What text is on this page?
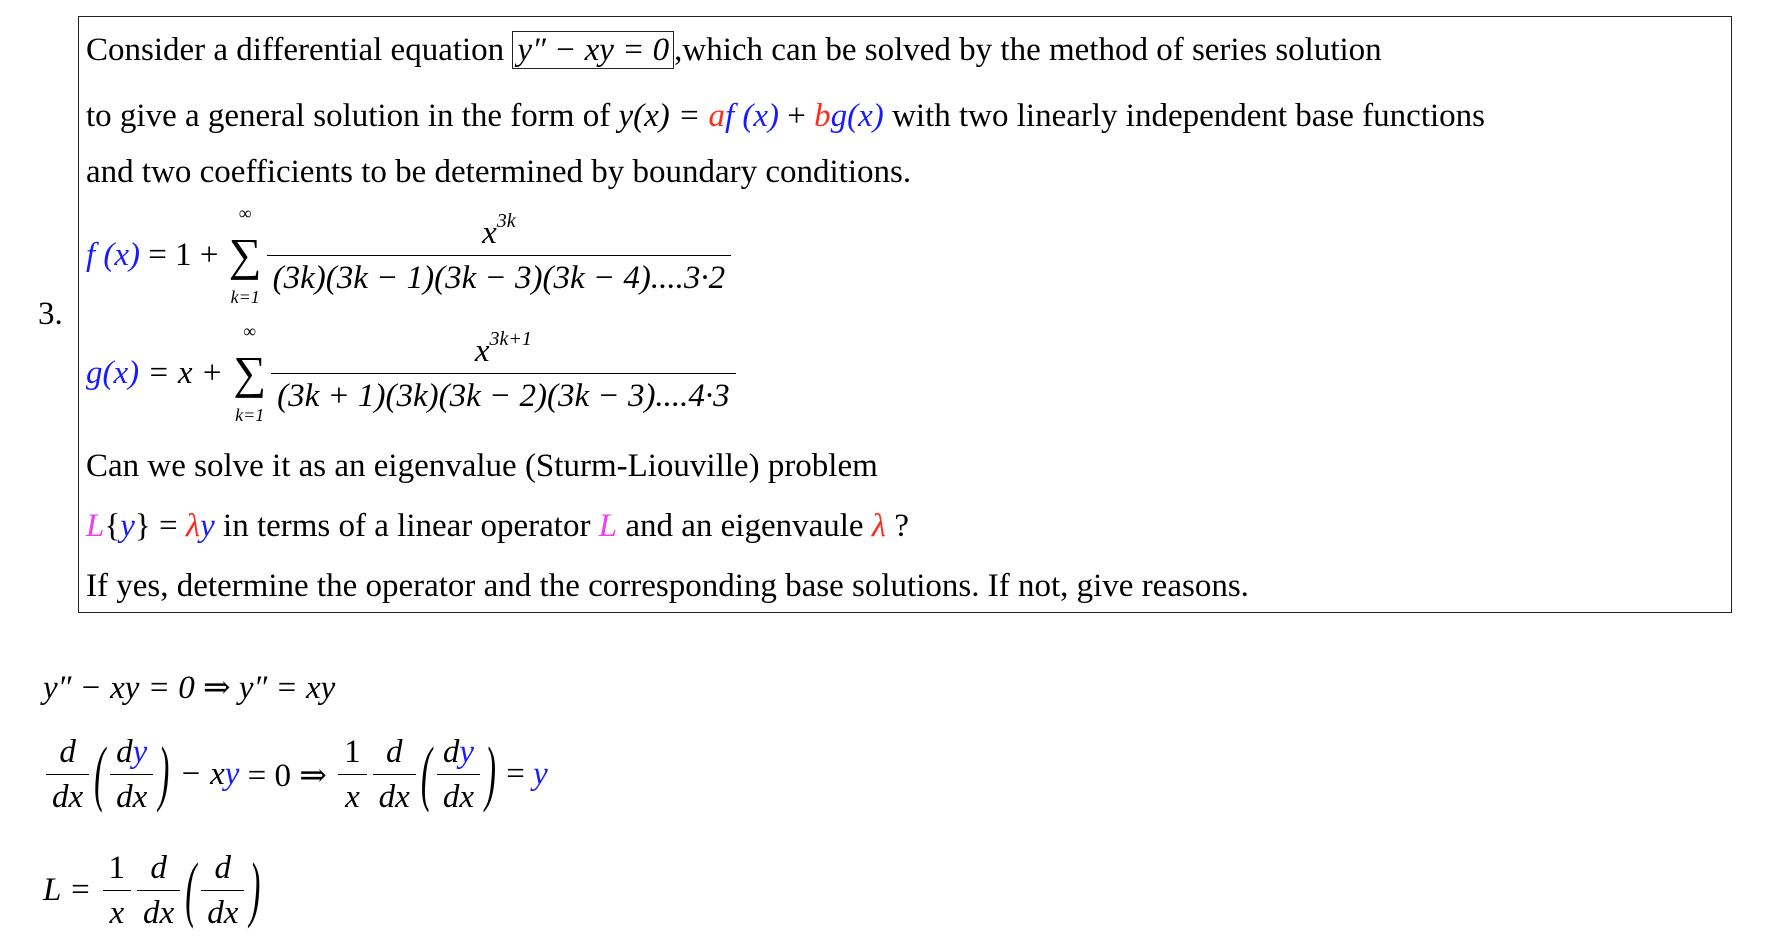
3.
Consider a differential equation y″ − xy = 0 ,which can be solved by the method of series solution
to give a general solution in the form of y(x) = af (x) + bg(x) with two linearly independent base functions
and two coefficients to be determined by boundary conditions.
f (x) = 1 +
∞
∑
$k=1 \frac{x^{3k}}{(3k)(3k - 1)(3k - 3)(3k - 4)....3\cdot 2}$
g(x) = x +
∞
∑
$k=1 \frac{x^{3k+1}}{(3k + 1)(3k)(3k - 2)(3k - 3)....4\cdot 3}$
Can we solve it as an eigenvalue (Sturm-Liouville) problem
L{y} = λy in terms of a linear operator L and an eigenvaule λ ?
If yes, determine the operator and the corresponding base solutions. If not, give reasons.
y″ − xy = 0 ⇒ y″ = xy
$\frac{d}{dx}$ ( $\frac{dy}{dx}$ ) − x y = 0 ⇒ $\frac{1}{x} \frac{d}{dx}$ ( $\frac{dy}{dx}$ ) = y
$L = \frac{1}{x} \frac{d}{dx}$ ( $\frac{d}{dx}$ )
